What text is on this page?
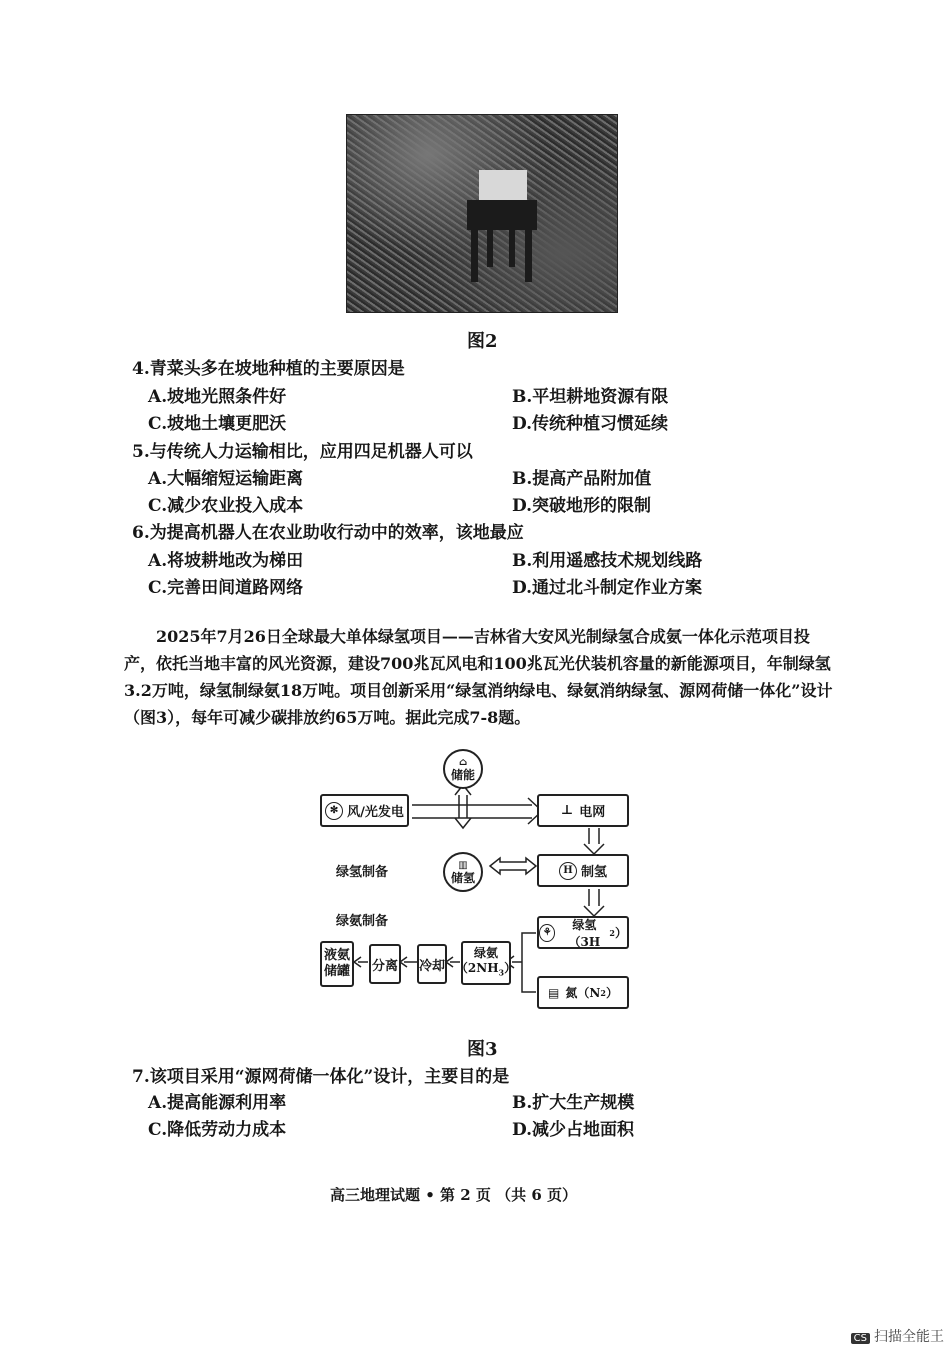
图2
4.青菜头多在坡地种植的主要原因是
A.坡地光照条件好	B.平坦耕地资源有限
C.坡地土壤更肥沃	D.传统种植习惯延续
5.与传统人力运输相比，应用四足机器人可以
A.大幅缩短运输距离	B.提高产品附加值
C.减少农业投入成本	D.突破地形的限制
6.为提高机器人在农业助收行动中的效率，该地最应
A.将坡耕地改为梯田	B.利用遥感技术规划线路
C.完善田间道路网络	D.通过北斗制定作业方案

2025年7月26日全球最大单体绿氢项目——吉林省大安风光制绿氢合成氨一体化示范项目投产，依托当地丰富的风光资源，建设700兆瓦风电和100兆瓦光伏装机容量的新能源项目，年制绿氢3.2万吨，绿氢制绿氨18万吨。项目创新采用“绿氢消纳绿电、绿氨消纳绿氢、源网荷储一体化”设计（图3），每年可减少碳排放约65万吨。据此完成7-8题。

⌂
储能
✻ 风/光发电	⊥ 电网
绿氢制备	▥
储氢
H 制氢
绿氨制备
⚘
绿氢（3H
2 ）
▤ 氮（N 2 ）
绿氨
$(2NH_3)$
冷却
分离
液氨
储罐
图3
7.该项目采用“源网荷储一体化”设计，主要目的是
A.提高能源利用率	B.扩大生产规模
C.降低劳动力成本	D.减少占地面积
高三地理试题 • 第 2 页 （共 6 页）
CS 扫描全能王
